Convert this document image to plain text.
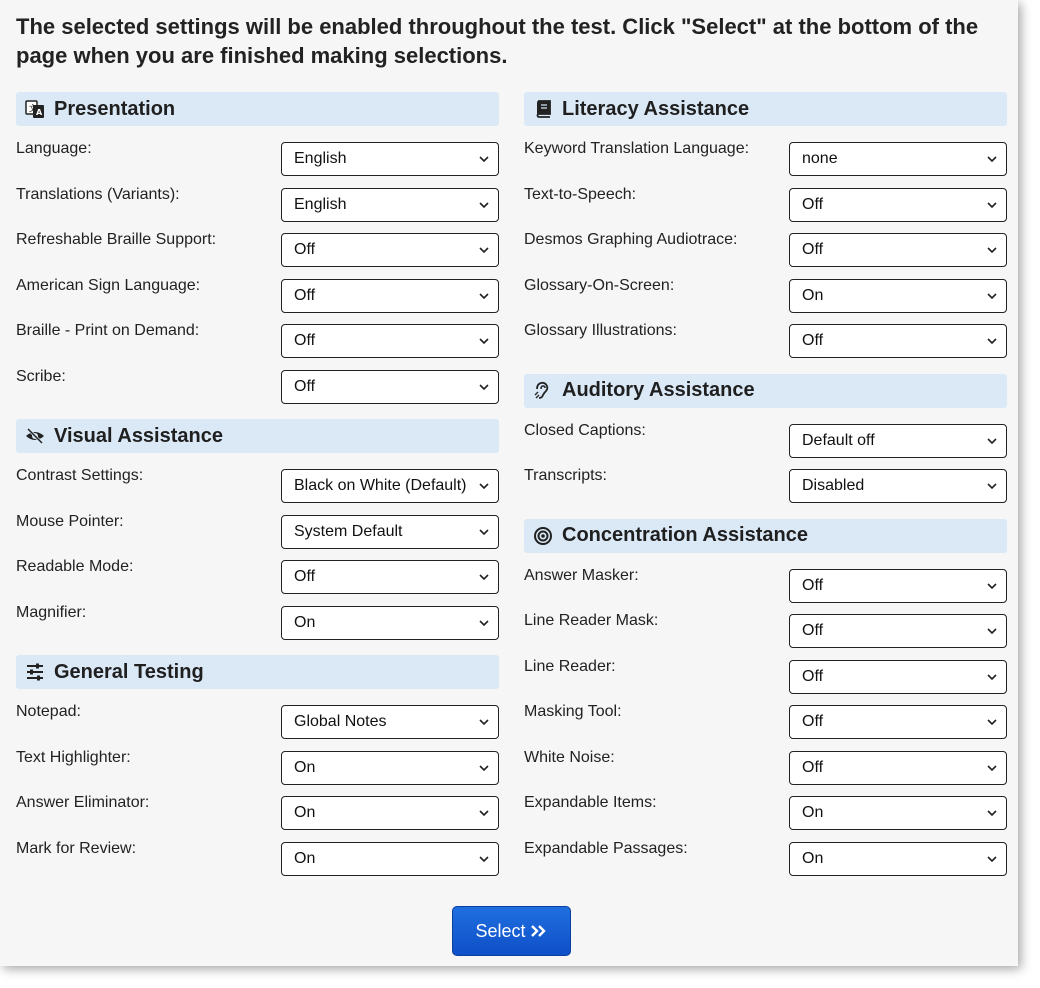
The selected settings will be enabled throughout the test. Click "Select" at the bottom of the page when you are finished making selections.

文 A Presentation
Language:
English
Translations (Variants):
English
Refreshable Braille Support:
Off
American Sign Language:
Off
Braille - Print on Demand:
Off
Scribe:
Off
Visual Assistance
Contrast Settings:
Black on White (Default)
Mouse Pointer:
System Default
Readable Mode:
Off
Magnifier:
On
General Testing
Notepad:
Global Notes
Text Highlighter:
On
Answer Eliminator:
On
Mark for Review:
On
Literacy Assistance
Keyword Translation Language:
none
Text-to-Speech:
Off
Desmos Graphing Audiotrace:
Off
Glossary-On-Screen:
On
Glossary Illustrations:
Off
Auditory Assistance
Closed Captions:
Default off
Transcripts:
Disabled
Concentration Assistance
Answer Masker:
Off
Line Reader Mask:
Off
Line Reader:
Off
Masking Tool:
Off
White Noise:
Off
Expandable Items:
On
Expandable Passages:
On
Select
